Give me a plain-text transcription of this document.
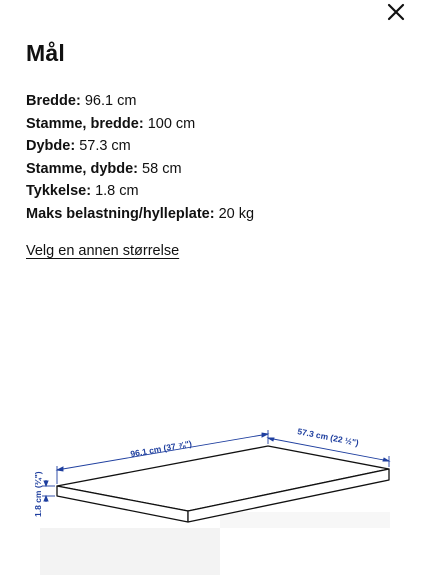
Mål
Bredde: 96.1 cm
Stamme, bredde: 100 cm
Dybde: 57.3 cm
Stamme, dybde: 58 cm
Tykkelse: 1.8 cm
Maks belastning/hylleplate: 20 kg
Velg en annen størrelse
96.1 cm (37 ⅞")
57.3 cm (22 ½")
1.8 cm (¾")
